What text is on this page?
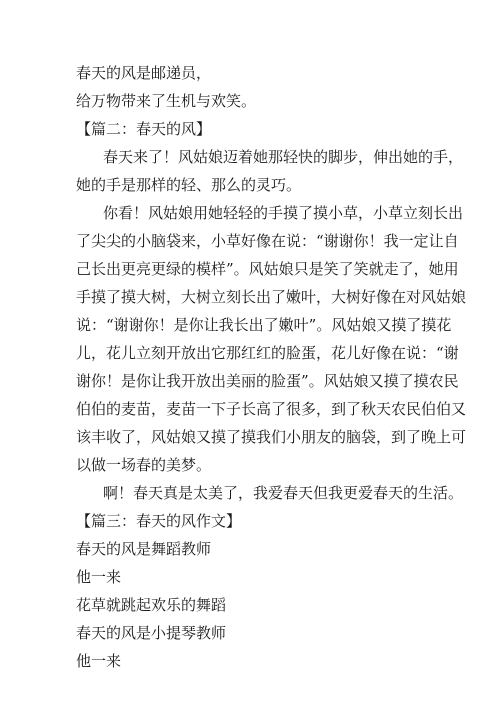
春天的风是邮递员，
给万物带来了生机与欢笑。
【篇二：春天的风】
春天来了！风姑娘迈着她那轻快的脚步，伸出她的手，
她的手是那样的轻、那么的灵巧。
你看！风姑娘用她轻轻的手摸了摸小草，小草立刻长出
了尖尖的小脑袋来，小草好像在说：“谢谢你！我一定让自
己长出更亮更绿的模样”。风姑娘只是笑了笑就走了，她用
手摸了摸大树，大树立刻长出了嫩叶，大树好像在对风姑娘
说：“谢谢你！是你让我长出了嫩叶”。风姑娘又摸了摸花
儿，花儿立刻开放出它那红红的脸蛋，花儿好像在说：“谢
谢你！是你让我开放出美丽的脸蛋”。风姑娘又摸了摸农民
伯伯的麦苗，麦苗一下子长高了很多，到了秋天农民伯伯又
该丰收了，风姑娘又摸了摸我们小朋友的脑袋，到了晚上可
以做一场春的美梦。
啊！春天真是太美了，我爱春天但我更爱春天的生活。
【篇三：春天的风作文】
春天的风是舞蹈教师
他一来
花草就跳起欢乐的舞蹈
春天的风是小提琴教师
他一来
